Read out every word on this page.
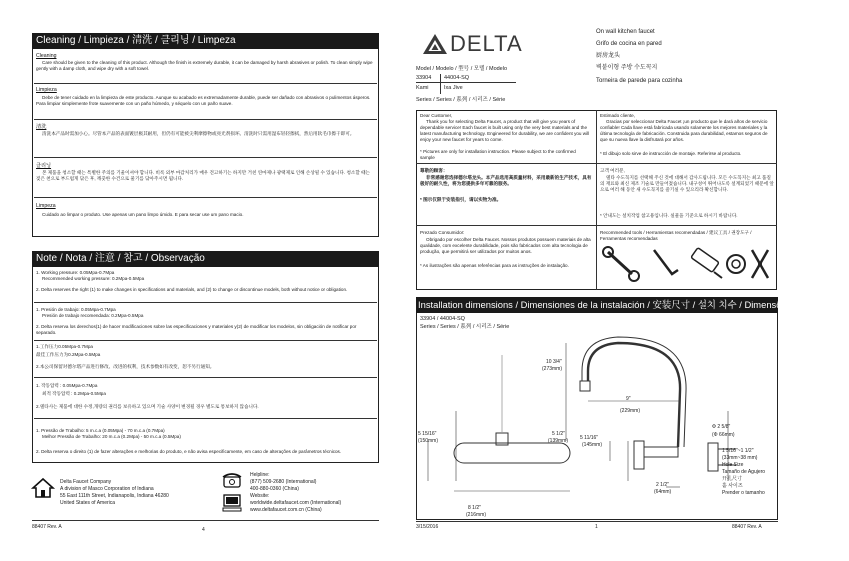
Cleaning / Limpieza / 清洗 / 클리닝 / Limpeza
Cleaning
Care should be given to the cleaning of this product. Although the finish is extremely durable, it can be damaged by harsh abrasives or polish. To clean simply wipe gently with a damp cloth, and wipe dry with a soft towel.
Limpieza
Debe de tener cuidado en la limpieza de este producto. Aunque su acabado es extremadamente durable, puede ser dañado con abrasivos o pulimentos ásperos. Para limpiar simplemente frote suavemente con un paño húmedo, y séquelo con un paño suave.
清洗
清洗本产品时需加小心。尽管本产品的表面镀层极其耐用，但仍有可能被尖利摩擦物或亮光剂损坏。清洗时只需用湿布轻轻擦拭，然后用软毛巾擦干即可。
클리닝
본 제품을 청소할 때는 특별한 주의를 기울이셔야 합니다. 비록 외부 마감처리가 매우 견고하기는 하지만 거친 연마제나 광택제로 인해 손상될 수 있습니다. 청소할 때는 젖은 천으로 부드럽게 닦은 후, 깨끗한 수건으로 물기를 닦아주시면 됩니다.
Limpeza
Cuidado ao limpar o produto. Use apenas um pano limpo úmido. E para secar use um pano macio.
Note / Nota / 注意 / 참고 / Observação
1. Working pressure: 0.05Mpa-0.7Mpa
Recommended working pressure: 0.2Mpa-0.5Mpa
2. Delta reserves the right (1) to make changes in specifications and materials, and (2) to change or discontinue models, both without notice or obligation.
1. Presión de trabajo: 0.05Mpa-0.7Mpa
Presión de trabajo recomendada: 0.2Mpa-0.5Mpa
2. Delta reserva los derechos(1) de hacer modificaciones sobre las especificaciones y materiales y(2) de modificar los modelos, sin obligación de notificar por separado.
1.工作压力0.05Mpa-0.7Mpa
最佳工作压力为0.2Mpa-0.5Mpa
2.本公司保留对德尔塔产品进行修改、改进的权利，技术参数如有改变，恕不另行通知。
1. 작동압력 : 0.05Mpa-0.7Mpa
최적 작동압력 : 0.2Mpa-0.5Mpa
2.델타사는 제품에 대한 수정,개량의 권리를 보유하고 있으며 기술 사양이 변경될 경우 별도로 통보하지 않습니다.
1. Pressão de Trabalho: 5 m.c.a (0.05Mpa) - 70 m.c.a (0.7Mpa)
Melhor Pressão de Trabalho: 20 m.c.a (0.2Mpa) - 50 m.c.a (0.5Mpa)
2. Delta reserva o direito (1) de fazer alterações e melhorias do produto, e não avisa especificamente, em caso de alterações de parâmetros técnicos.
Delta Faucet Company
A division of Masco Corporation of Indiana
55 East 111th Street, Indianapolis, Indiana 46280
United States of America
Helpline:
(877) 509-2680 (International)
400-880-0360 (China)
Website:
worldwide.deltafaucet.com (International)
www.deltafaucet.com.cn (China)
88407 Rev. A	4
DELTA
Model / Modelo / 型号 / 모델 / Modelo
33904 44004-SQ
Kami	Ixa Jive
Series / Series / 系列 / 시리즈 / Série
On wall kitchen faucet
Grifo de cocina en pared
厨房龙头
벽붙이형 주방 수도꼭지
Torneira de parede para cozinha
Dear Customer,
Thank you for selecting Delta Faucet, a product that will give you years of dependable service! Each faucet is built using only the very best materials and the latest manufacturing technology. Engineered for durability, we are confident you will enjoy your new faucet for years to come.
* Pictures are only for installation instruction. Please subject to the confirmed sample
Estimado cliente,
Gracias por seleccionar Delta Faucet ¡un producto que le dará años de servicio confiable! Cada llave está fabricada usando solamente los mejores materiales y la última tecnología de fabricación. Construida para durabilidad, estamos seguros de que su nueva llave la disfrutará por años.
* El dibujo solo sirve de instrucción de montaje. Referirse al producto.
尊敬的顾客：
非常感谢您选择德尔塔龙头。本产品选用高质量材料，采用最新的生产技术，具有极好的耐久性，将为您提供多年可靠的服务。
* 图示仅限于安装指引，请以实物为准。
고객 여러분,
델타 수도꼭지를 선택해 주신 것에 대해서 감사드립니다. 모든 수도꼭지는 최고 품질의 재료와 최신 제조 기술로 만들어졌습니다. 내구성이 뛰어나도록 설계되었기 때문에 앞으로 여러 해 동안 새 수도꼭지를 즐기실 수 있으리라 확신합니다.
* 안내도는 설치작업 참고용입니다. 실물을 기준으로 하시기 바랍니다.
Prezado Consumidor:
Obrigado por escolher Delta Faucet. Nossos produtos possuem materiais de alta qualidade, com excelente durabilidade, pois são fabricados com alta tecnologia de produção, que permitirá ser utilizados por muitos anos.
* As ilustrações são apenas referências para as instruções de instalação.
Recommended tools / Herramientas recomendadas / 建议工具 / 권장도구 / Ferramentas recomendadas
Installation dimensions / Dimensiones de la instalación / 安装尺寸 / 설치 치수 / Dimensões de instalação
33904 / 44004-SQ
Series / Series / 系列 / 시리즈 / Série
10 3/4"
(273mm)
9"
(229mm)
Φ 2 5/8"
(Φ 66mm)
5 1/2"
(139mm) 5 11/16"
(145mm)
5 15/16"
(150mm)
8 1/2"
(216mm)
2 1/2"
(64mm)
1 5/16"~1 1/2"
(33mm~38 mm)
Hole Size
Tamaño de Agujero
开孔尺寸
홀 사이즈
Prender o tamanho
3/15/2016	1	88407 Rev. A
